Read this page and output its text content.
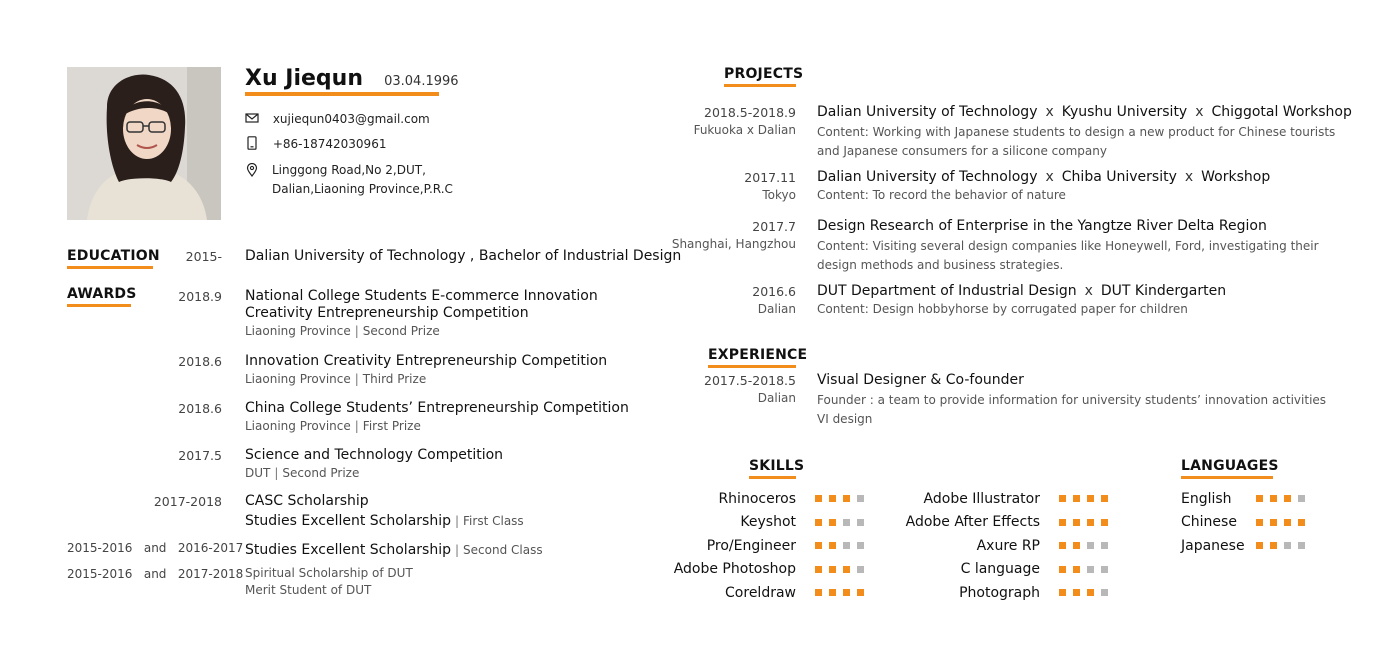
Xu Jiequn 03.04.1996
xujiequn0403@gmail.com
+86-18742030961
Linggong Road,No 2,DUT,
Dalian,Liaoning Province,P.R.C
EDUCATION	2015- Dalian University of Technology , Bachelor of Industrial Design
AWARDS	2018.9 National College Students E-commerce Innovation
Creativity Entrepreneurship Competition
Liaoning Province | Second Prize
2018.6 Innovation Creativity Entrepreneurship Competition
Liaoning Province | Third Prize
2018.6 China College Students’ Entrepreneurship Competition
Liaoning Province | First Prize
2017.5 Science and Technology Competition
DUT | Second Prize
2017-2018 CASC Scholarship
Studies Excellent Scholarship | First Class
2015-2016   and   2016-2017 Studies Excellent Scholarship | Second Class
2015-2016   and   2017-2018 Spiritual Scholarship of DUT
Merit Student of DUT
PROJECTS
2018.5-2018.9
Fukuoka x Dalian
Dalian University of Technology x Kyushu University x Chiggotal Workshop
Content: Working with Japanese students to design a new product for Chinese tourists
and Japanese consumers for a silicone company
2017.11
Tokyo
Dalian University of Technology x Chiba University x Workshop
Content: To record the behavior of nature
2017.7
Shanghai, Hangzhou
Design Research of Enterprise in the Yangtze River Delta Region
Content: Visiting several design companies like Honeywell, Ford, investigating their
design methods and business strategies.
2016.6
Dalian
DUT Department of Industrial Design x DUT Kindergarten
Content: Design hobbyhorse by corrugated paper for children
EXPERIENCE
2017.5-2018.5
Dalian
Visual Designer & Co-founder
Founder : a team to provide information for university students’ innovation activities
VI design
SKILLS
Rhinoceros
Keyshot
Pro/Engineer
Adobe Photoshop
Coreldraw
Adobe Illustrator
Adobe After Effects
Axure RP
C language
Photograph
LANGUAGES
English
Chinese
Japanese
